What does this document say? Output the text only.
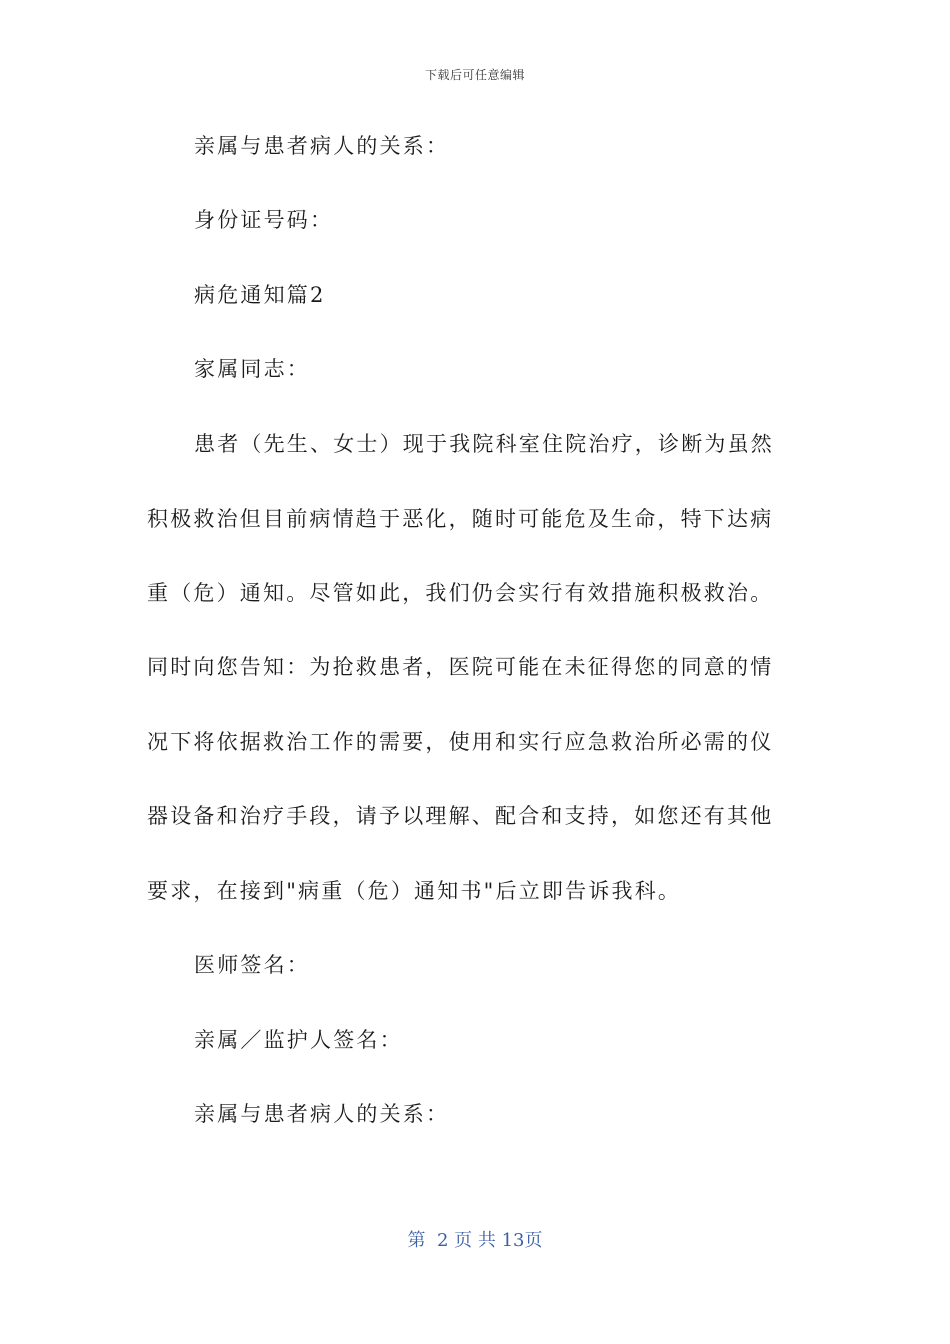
下载后可任意编辑
亲属与患者病人的关系：
身份证号码：
病危通知篇2
家属同志：
患者（先生、女士）现于我院科室住院治疗，诊断为虽然
积极救治但目前病情趋于恶化，随时可能危及生命，特下达病
重（危）通知。尽管如此，我们仍会实行有效措施积极救治。
同时向您告知：为抢救患者，医院可能在未征得您的同意的情
况下将依据救治工作的需要，使用和实行应急救治所必需的仪
器设备和治疗手段，请予以理解、配合和支持，如您还有其他
要求，在接到"病重（危）通知书"后立即告诉我科。
医师签名：
亲属／监护人签名：
亲属与患者病人的关系：
第  2 页 共 13页
